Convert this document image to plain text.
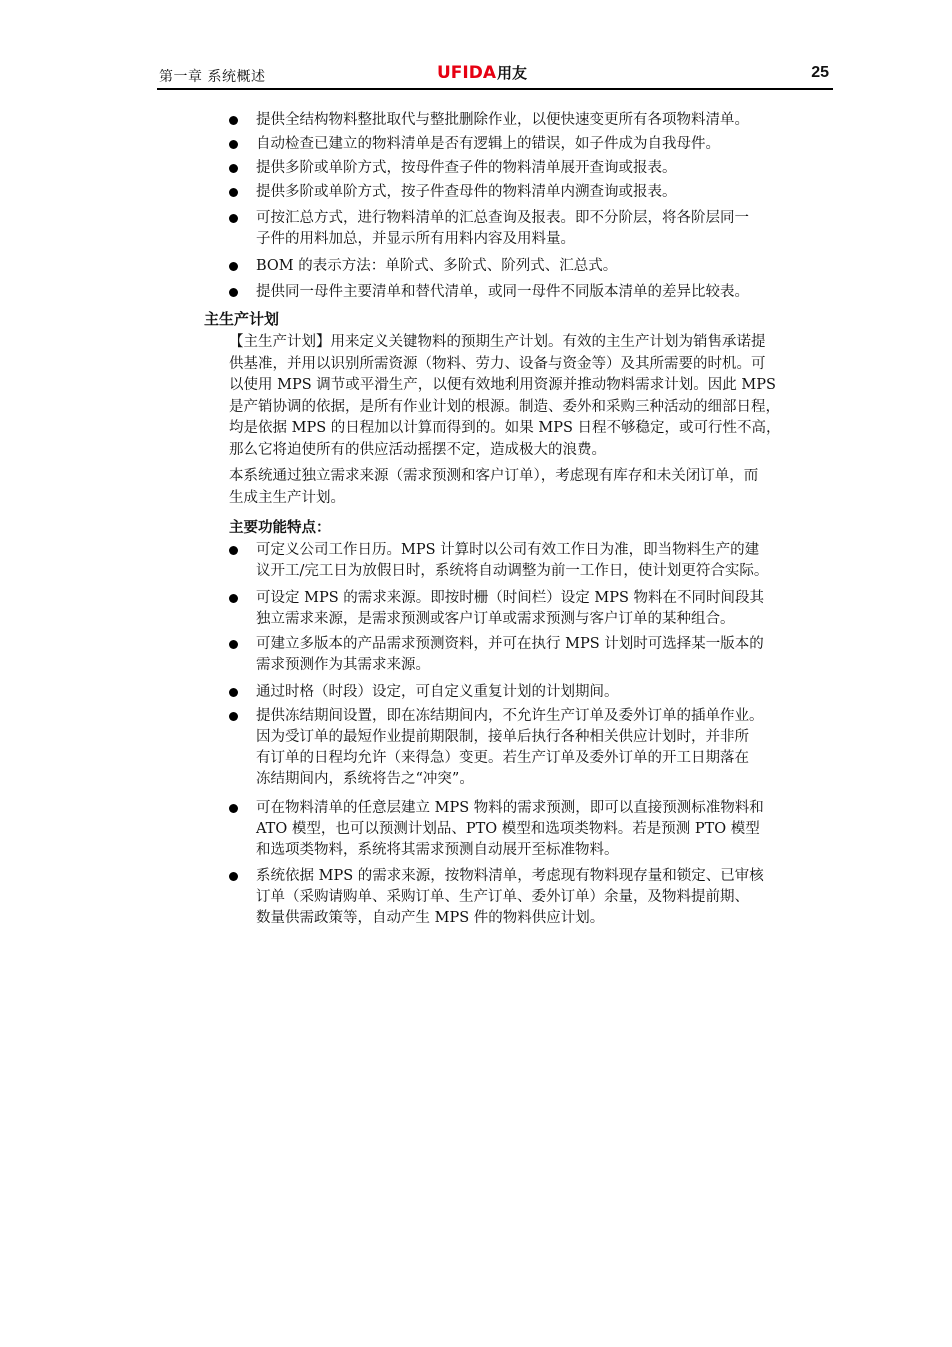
第一章 系统概述	UFIDA用友	25
提供全结构物料整批取代与整批删除作业，以便快速变更所有各项物料清单。
自动检查已建立的物料清单是否有逻辑上的错误，如子件成为自我母件。
提供多阶或单阶方式，按母件查子件的物料清单展开查询或报表。
提供多阶或单阶方式，按子件查母件的物料清单内溯查询或报表。
可按汇总方式，进行物料清单的汇总查询及报表。即不分阶层，将各阶层同一
子件的用料加总，并显示所有用料内容及用料量。
BOM 的表示方法：单阶式、多阶式、阶列式、汇总式。
提供同一母件主要清单和替代清单，或同一母件不同版本清单的差异比较表。
主生产计划
【主生产计划】用来定义关键物料的预期生产计划。有效的主生产计划为销售承诺提
供基准，并用以识别所需资源（物料、劳力、设备与资金等）及其所需要的时机。可
以使用 MPS 调节或平滑生产，以便有效地利用资源并推动物料需求计划。因此 MPS
是产销协调的依据，是所有作业计划的根源。制造、委外和采购三种活动的细部日程，
均是依据 MPS 的日程加以计算而得到的。如果 MPS 日程不够稳定，或可行性不高，
那么它将迫使所有的供应活动摇摆不定，造成极大的浪费。
本系统通过独立需求来源（需求预测和客户订单），考虑现有库存和未关闭订单，而
生成主生产计划。
主要功能特点：
可定义公司工作日历。MPS 计算时以公司有效工作日为准，即当物料生产的建
议开工/完工日为放假日时，系统将自动调整为前一工作日，使计划更符合实际。
可设定 MPS 的需求来源。即按时栅（时间栏）设定 MPS 物料在不同时间段其
独立需求来源，是需求预测或客户订单或需求预测与客户订单的某种组合。
可建立多版本的产品需求预测资料，并可在执行 MPS 计划时可选择某一版本的
需求预测作为其需求来源。
通过时格（时段）设定，可自定义重复计划的计划期间。
提供冻结期间设置，即在冻结期间内，不允许生产订单及委外订单的插单作业。
因为受订单的最短作业提前期限制，接单后执行各种相关供应计划时，并非所
有订单的日程均允许（来得急）变更。若生产订单及委外订单的开工日期落在
冻结期间内，系统将告之“冲突”。
可在物料清单的任意层建立 MPS 物料的需求预测，即可以直接预测标准物料和
ATO 模型，也可以预测计划品、PTO 模型和选项类物料。若是预测 PTO 模型
和选项类物料，系统将其需求预测自动展开至标准物料。
系统依据 MPS 的需求来源，按物料清单，考虑现有物料现存量和锁定、已审核
订单（采购请购单、采购订单、生产订单、委外订单）余量，及物料提前期、
数量供需政策等，自动产生 MPS 件的物料供应计划。
